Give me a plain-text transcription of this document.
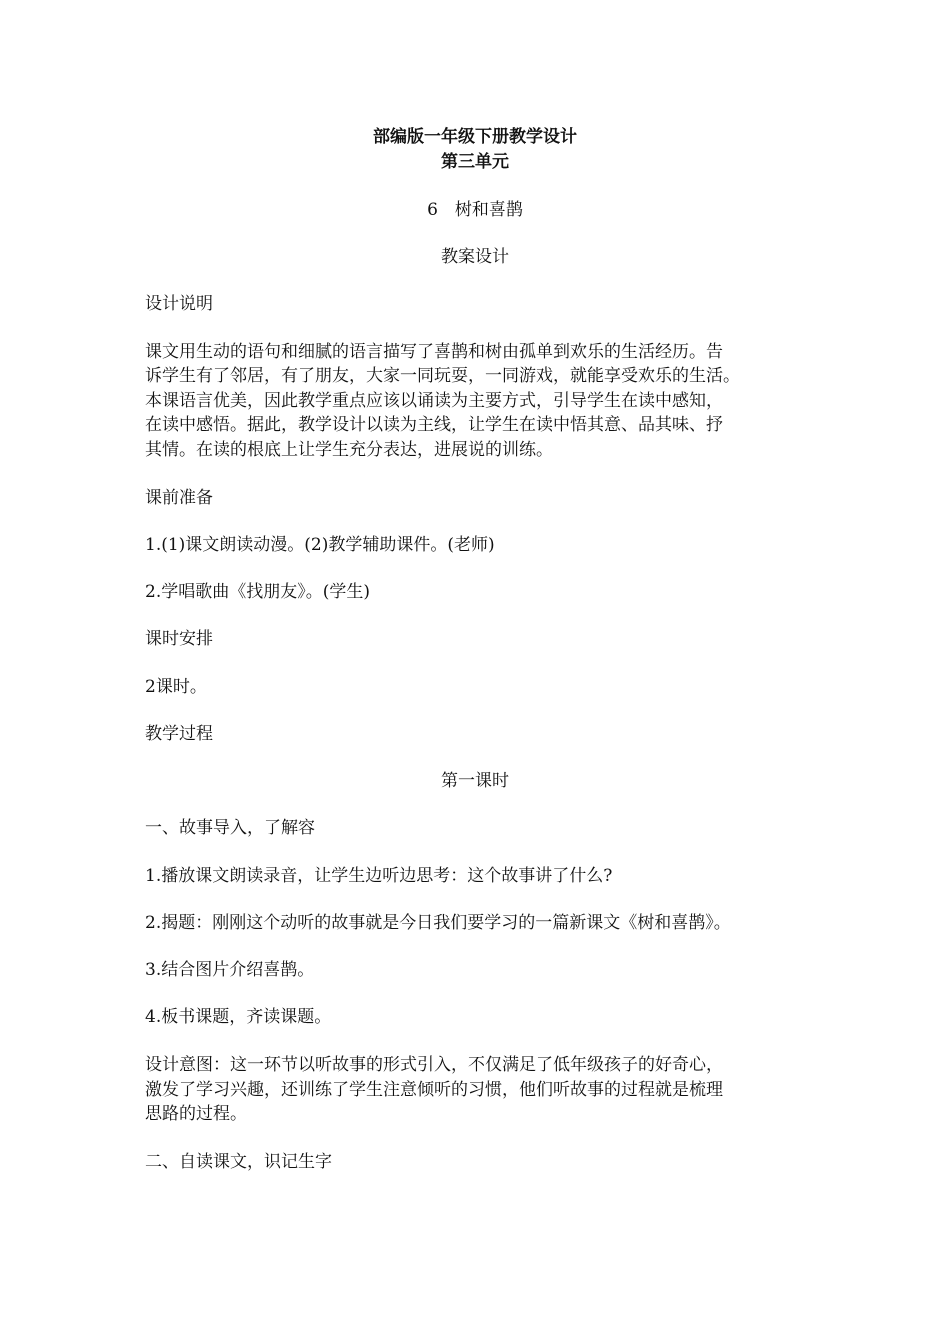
部编版一年级下册教学设计
第三单元
6　树和喜鹊
教案设计
设计说明
课文用生动的语句和细腻的语言描写了喜鹊和树由孤单到欢乐的生活经历。告
诉学生有了邻居，有了朋友，大家一同玩耍，一同游戏，就能享受欢乐的生活。
本课语言优美，因此教学重点应该以诵读为主要方式，引导学生在读中感知，
在读中感悟。据此，教学设计以读为主线，让学生在读中悟其意、品其味、抒
其情。在读的根底上让学生充分表达，进展说的训练。
课前准备
1.(1)课文朗读动漫。(2)教学辅助课件。(老师)
2.学唱歌曲《找朋友》。(学生)
课时安排
2课时。
教学过程
第一课时
一、故事导入，了解容
1.播放课文朗读录音，让学生边听边思考：这个故事讲了什么?
2.揭题：刚刚这个动听的故事就是今日我们要学习的一篇新课文《树和喜鹊》。
3.结合图片介绍喜鹊。
4.板书课题，齐读课题。
设计意图：这一环节以听故事的形式引入，不仅满足了低年级孩子的好奇心，
激发了学习兴趣，还训练了学生注意倾听的习惯，他们听故事的过程就是梳理
思路的过程。
二、自读课文，识记生字
